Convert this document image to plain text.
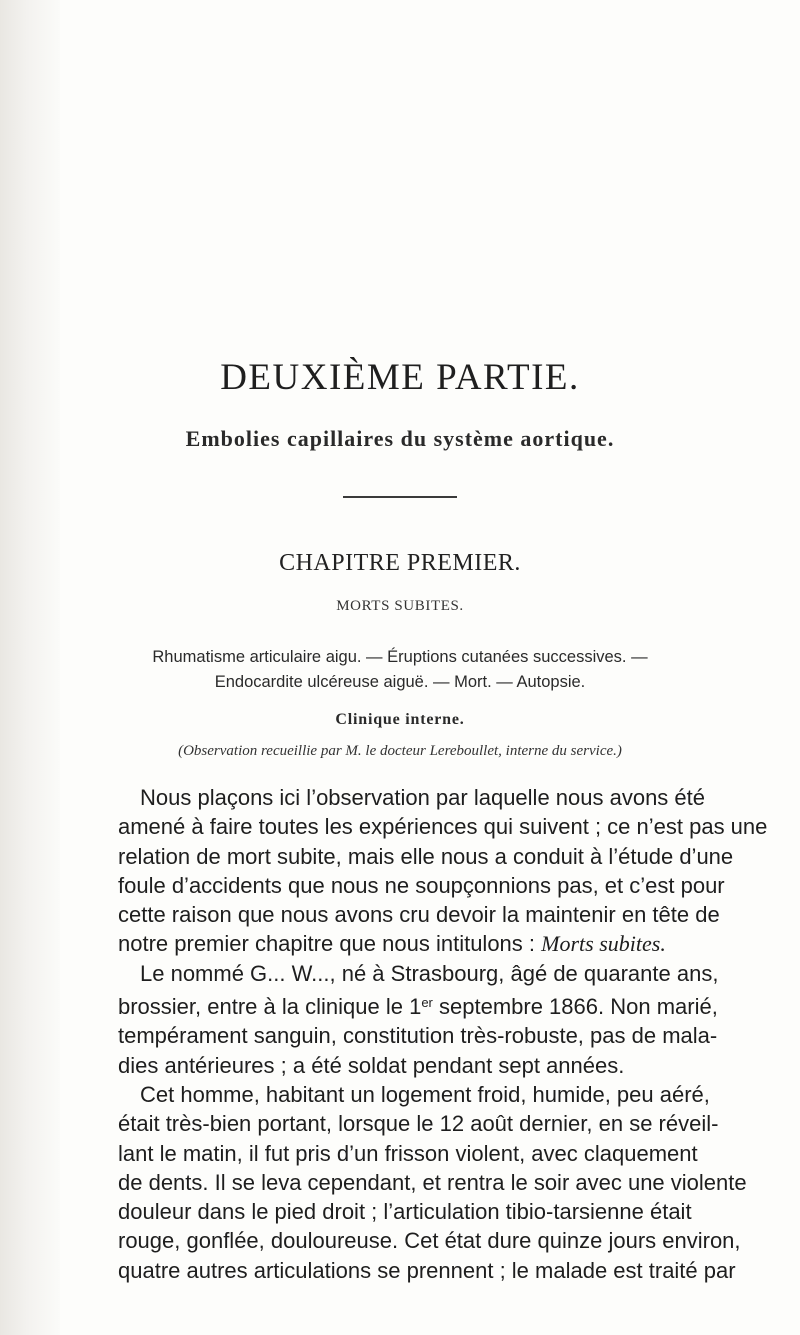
DEUXIÈME PARTIE.
Embolies capillaires du système aortique.
CHAPITRE PREMIER.
MORTS SUBITES.
Rhumatisme articulaire aigu. — Éruptions cutanées successives. —
Endocardite ulcéreuse aiguë. — Mort. — Autopsie.
Clinique interne.
(Observation recueillie par M. le docteur Lereboullet, interne du service.)
Nous plaçons ici l’observation par laquelle nous avons été
amené à faire toutes les expériences qui suivent ; ce n’est pas une
relation de mort subite, mais elle nous a conduit à l’étude d’une
foule d’accidents que nous ne soupçonnions pas, et c’est pour
cette raison que nous avons cru devoir la maintenir en tête de
notre premier chapitre que nous intitulons : Morts subites.
Le nommé G... W..., né à Strasbourg, âgé de quarante ans,
brossier, entre à la clinique le 1er septembre 1866. Non marié,
tempérament sanguin, constitution très-robuste, pas de mala-
dies antérieures ; a été soldat pendant sept années.
Cet homme, habitant un logement froid, humide, peu aéré,
était très-bien portant, lorsque le 12 août dernier, en se réveil-
lant le matin, il fut pris d’un frisson violent, avec claquement
de dents. Il se leva cependant, et rentra le soir avec une violente
douleur dans le pied droit ; l’articulation tibio-tarsienne était
rouge, gonflée, douloureuse. Cet état dure quinze jours environ,
quatre autres articulations se prennent ; le malade est traité par
